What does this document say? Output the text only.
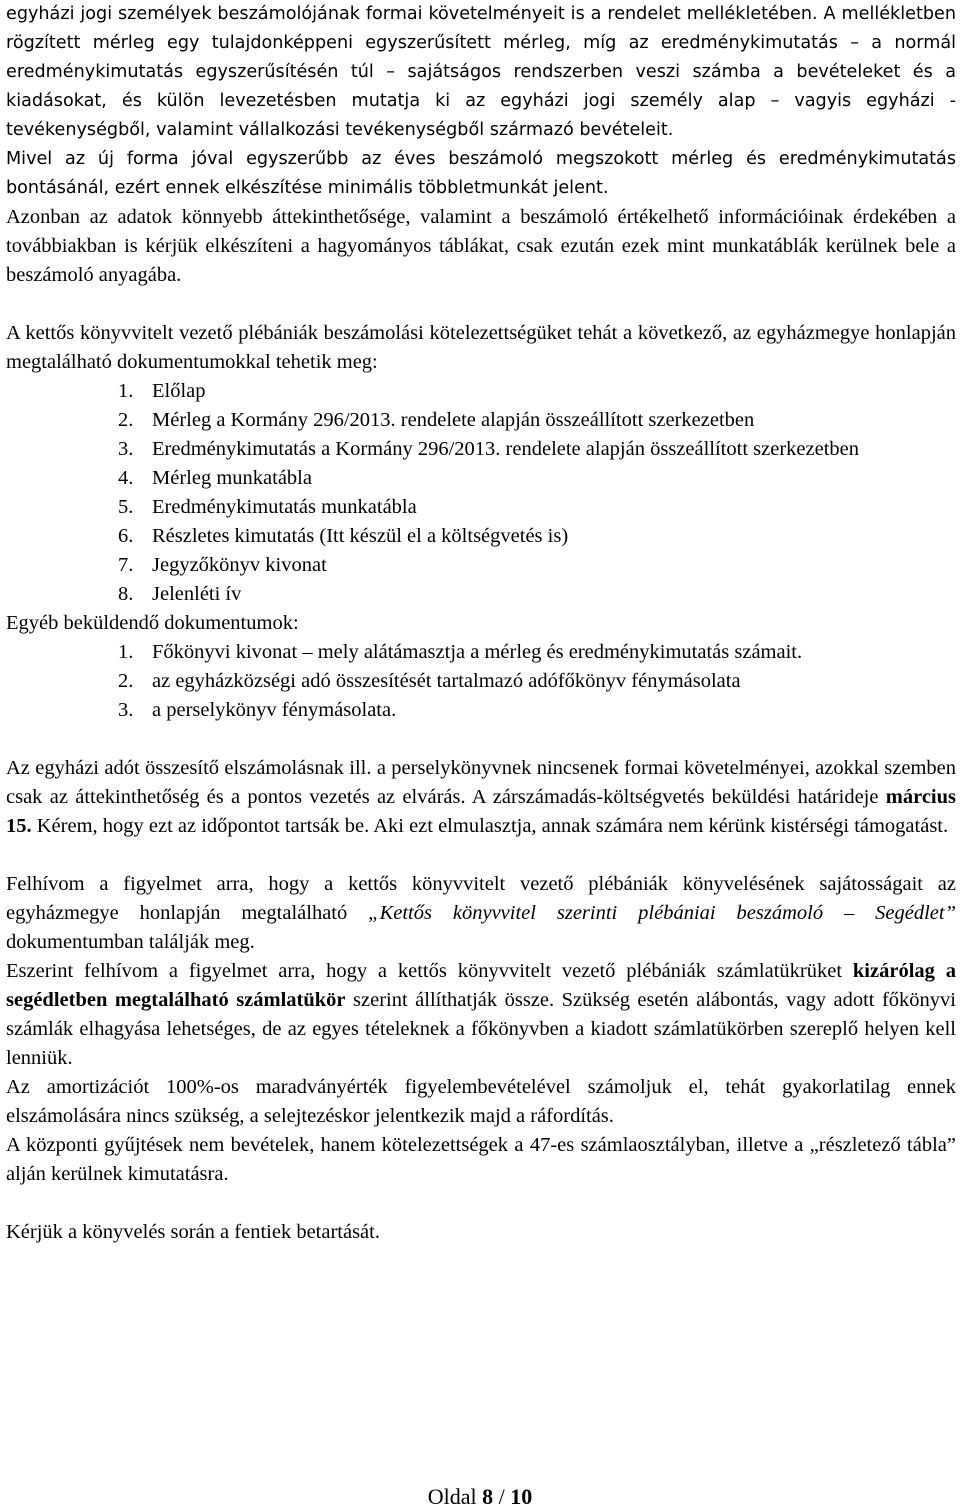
egyházi jogi személyek beszámolójának formai követelményeit is a rendelet mellékletében. A mellékletben rögzített mérleg egy tulajdonképpeni egyszerűsített mérleg, míg az eredménykimutatás – a normál eredménykimutatás egyszerűsítésén túl – sajátságos rendszerben veszi számba a bevételeket és a kiadásokat, és külön levezetésben mutatja ki az egyházi jogi személy alap – vagyis egyházi - tevékenységből, valamint vállalkozási tevékenységből származó bevételeit.

Mivel az új forma jóval egyszerűbb az éves beszámoló megszokott mérleg és eredménykimutatás bontásánál, ezért ennek elkészítése minimális többletmunkát jelent.

Azonban az adatok könnyebb áttekinthetősége, valamint a beszámoló értékelhető információinak érdekében a továbbiakban is kérjük elkészíteni a hagyományos táblákat, csak ezután ezek mint munkatáblák kerülnek bele a beszámoló anyagába.

A kettős könyvvitelt vezető plébániák beszámolási kötelezettségüket tehát a következő, az egyházmegye honlapján megtalálható dokumentumokkal tehetik meg:

1. Előlap
2. Mérleg a Kormány 296/2013. rendelete alapján összeállított szerkezetben
3. Eredménykimutatás a Kormány 296/2013. rendelete alapján összeállított szerkezetben
4. Mérleg munkatábla
5. Eredménykimutatás munkatábla
6. Részletes kimutatás (Itt készül el a költségvetés is)
7. Jegyzőkönyv kivonat
8. Jelenléti ív

Egyéb beküldendő dokumentumok:

1. Főkönyvi kivonat – mely alátámasztja a mérleg és eredménykimutatás számait.
2. az egyházközségi adó összesítését tartalmazó adófőkönyv fénymásolata
3. a perselykönyv fénymásolata.

Az egyházi adót összesítő elszámolásnak ill. a perselykönyvnek nincsenek formai követelményei, azokkal szemben csak az áttekinthetőség és a pontos vezetés az elvárás. A zárszámadás-költségvetés beküldési határideje március 15. Kérem, hogy ezt az időpontot tartsák be. Aki ezt elmulasztja, annak számára nem kérünk kistérségi támogatást.

Felhívom a figyelmet arra, hogy a kettős könyvvitelt vezető plébániák könyvelésének sajátosságait az egyházmegye honlapján megtalálható „Kettős könyvvitel szerinti plébániai beszámoló – Segédlet” dokumentumban találják meg.

Eszerint felhívom a figyelmet arra, hogy a kettős könyvvitelt vezető plébániák számlatükrüket kizárólag a segédletben megtalálható számlatükör szerint állíthatják össze. Szükség esetén alábontás, vagy adott főkönyvi számlák elhagyása lehetséges, de az egyes tételeknek a főkönyvben a kiadott számlatükörben szereplő helyen kell lenniük.

Az amortizációt 100%-os maradványérték figyelembevételével számoljuk el, tehát gyakorlatilag ennek elszámolására nincs szükség, a selejtezéskor jelentkezik majd a ráfordítás.

A központi gyűjtések nem bevételek, hanem kötelezettségek a 47-es számlaosztályban, illetve a „részletező tábla” alján kerülnek kimutatásra.

Kérjük a könyvelés során a fentiek betartását.

Oldal 8 / 10
